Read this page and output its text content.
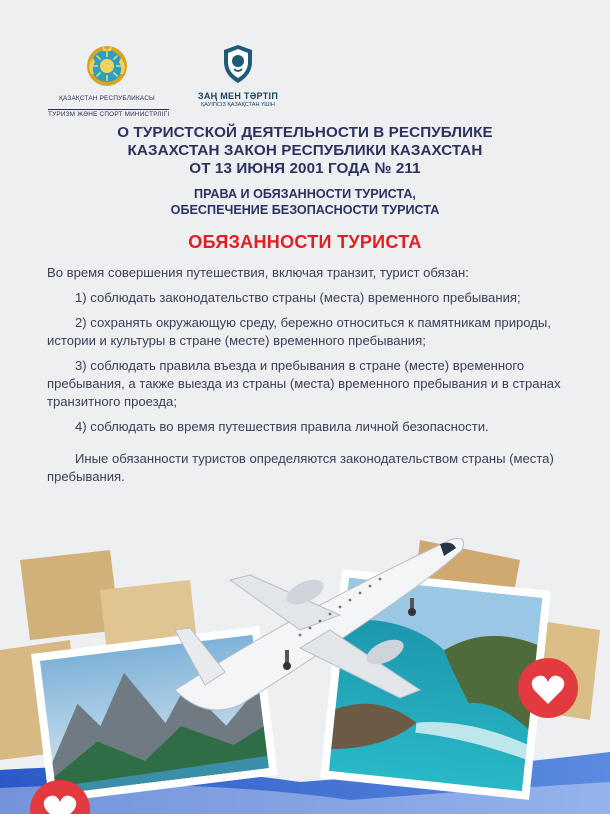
ҚАЗАҚСТАН РЕСПУБЛИКАСЫ
ТУРИЗМ ЖӘНЕ СПОРТ МИНИСТРЛІГІ
ЗАҢ МЕН ТӘРТІП
ҚАУІПСІЗ ҚАЗАҚСТАН ҮШІН
О ТУРИСТСКОЙ ДЕЯТЕЛЬНОСТИ В РЕСПУБЛИКЕ
КАЗАХСТАН ЗАКОН РЕСПУБЛИКИ КАЗАХСТАН
ОТ 13 ИЮНЯ 2001 ГОДА № 211
ПРАВА И ОБЯЗАННОСТИ ТУРИСТА,
ОБЕСПЕЧЕНИЕ БЕЗОПАСНОСТИ ТУРИСТА
ОБЯЗАННОСТИ ТУРИСТА

Во время совершения путешествия, включая транзит, турист обязан:

1) соблюдать законодательство страны (места) временного пребывания;

2) сохранять окружающую среду, бережно относиться к памятникам природы, истории и культуры в стране (месте) временного пребывания;

3) соблюдать правила въезда и пребывания в стране (месте) временного пребывания, а также выезда из страны (места) временного пребывания и в странах транзитного проезда;

4) соблюдать во время путешествия правила личной безопасности.

Иные обязанности туристов определяются законодательством страны (места) пребывания.
